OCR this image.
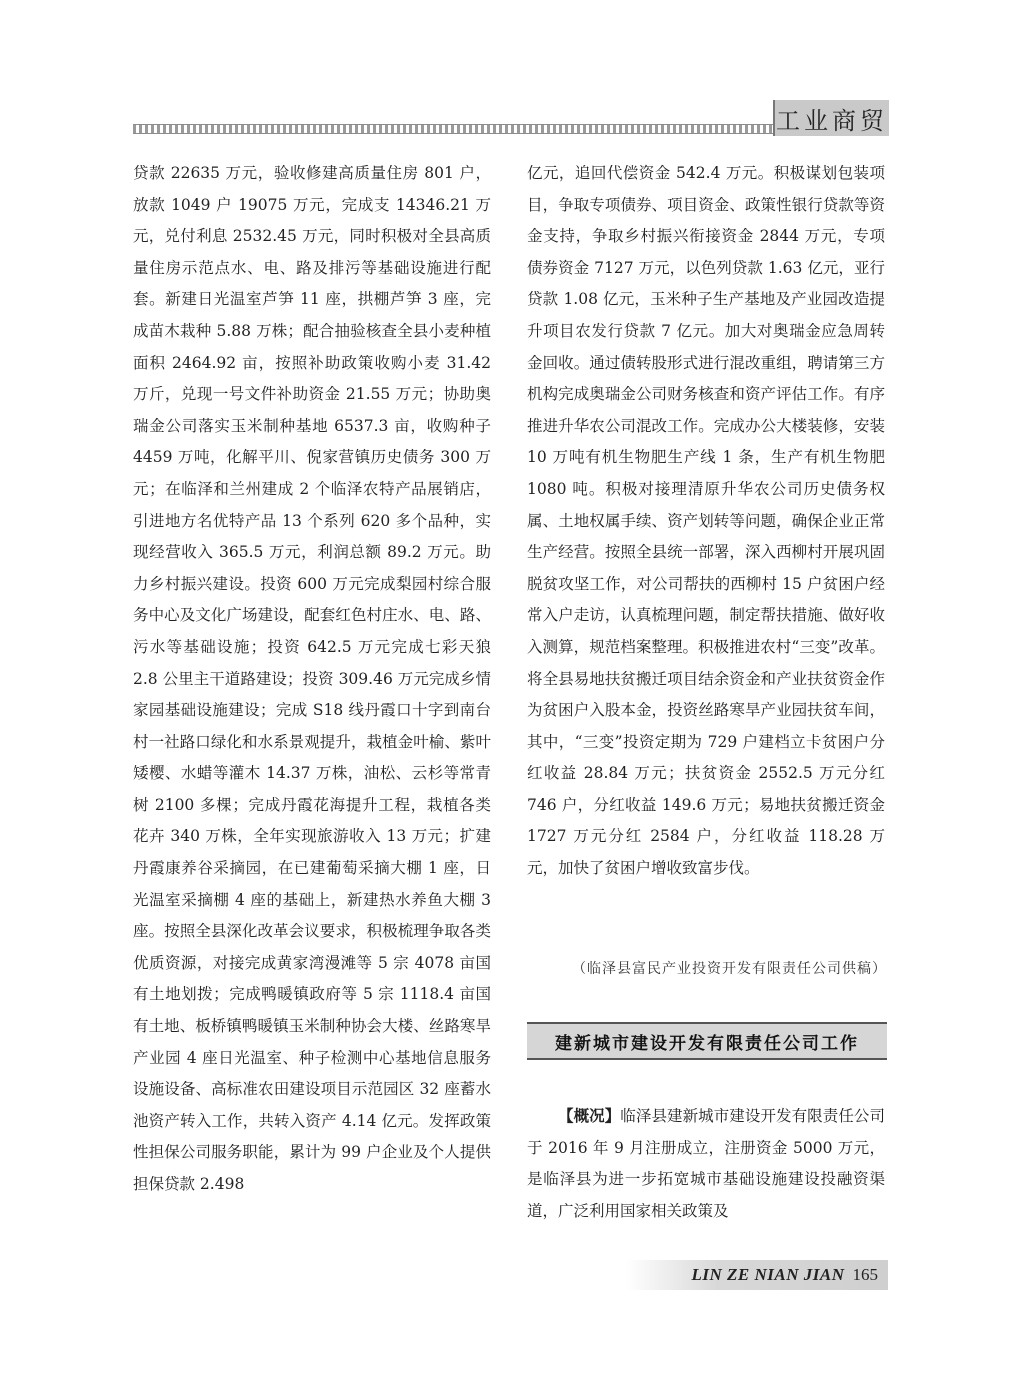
工业商贸

贷款 22635 万元，验收修建高质量住房 801 户，放款 1049 户 19075 万元，完成支 14346.21 万元，兑付利息 2532.45 万元，同时积极对全县高质量住房示范点水、电、路及排污等基础设施进行配套。新建日光温室芦笋 11 座，拱棚芦笋 3 座，完成苗木栽种 5.88 万株；配合抽验核查全县小麦种植面积 2464.92 亩，按照补助政策收购小麦 31.42 万斤，兑现一号文件补助资金 21.55 万元；协助奥瑞金公司落实玉米制种基地 6537.3 亩，收购种子 4459 万吨，化解平川、倪家营镇历史债务 300 万元；在临泽和兰州建成 2 个临泽农特产品展销店，引进地方名优特产品 13 个系列 620 多个品种，实现经营收入 365.5 万元，利润总额 89.2 万元。助力乡村振兴建设。投资 600 万元完成梨园村综合服务中心及文化广场建设，配套红色村庄水、电、路、污水等基础设施；投资 642.5 万元完成七彩天狼 2.8 公里主干道路建设；投资 309.46 万元完成乡情家园基础设施建设；完成 S18 线丹霞口十字到南台村一社路口绿化和水系景观提升，栽植金叶榆、紫叶矮樱、水蜡等灌木 14.37 万株，油松、云杉等常青树 2100 多棵；完成丹霞花海提升工程，栽植各类花卉 340 万株，全年实现旅游收入 13 万元；扩建丹霞康养谷采摘园，在已建葡萄采摘大棚 1 座，日光温室采摘棚 4 座的基础上，新建热水养鱼大棚 3 座。按照全县深化改革会议要求，积极梳理争取各类优质资源，对接完成黄家湾漫滩等 5 宗 4078 亩国有土地划拨；完成鸭暖镇政府等 5 宗 1118.4 亩国有土地、板桥镇鸭暖镇玉米制种协会大楼、丝路寒旱产业园 4 座日光温室、种子检测中心基地信息服务设施设备、高标准农田建设项目示范园区 32 座蓄水池资产转入工作，共转入资产 4.14 亿元。发挥政策性担保公司服务职能，累计为 99 户企业及个人提供担保贷款 2.498

亿元，追回代偿资金 542.4 万元。积极谋划包装项目，争取专项债券、项目资金、政策性银行贷款等资金支持，争取乡村振兴衔接资金 2844 万元，专项债券资金 7127 万元，以色列贷款 1.63 亿元，亚行贷款 1.08 亿元，玉米种子生产基地及产业园改造提升项目农发行贷款 7 亿元。加大对奥瑞金应急周转金回收。通过债转股形式进行混改重组，聘请第三方机构完成奥瑞金公司财务核查和资产评估工作。有序推进升华农公司混改工作。完成办公大楼装修，安装 10 万吨有机生物肥生产线 1 条，生产有机生物肥 1080 吨。积极对接理清原升华农公司历史债务权属、土地权属手续、资产划转等问题，确保企业正常生产经营。按照全县统一部署，深入西柳村开展巩固脱贫攻坚工作，对公司帮扶的西柳村 15 户贫困户经常入户走访，认真梳理问题，制定帮扶措施、做好收入测算，规范档案整理。积极推进农村“三变”改革。将全县易地扶贫搬迁项目结余资金和产业扶贫资金作为贫困户入股本金，投资丝路寒旱产业园扶贫车间，其中，“三变”投资定期为 729 户建档立卡贫困户分红收益 28.84 万元；扶贫资金 2552.5 万元分红 746 户，分红收益 149.6 万元；易地扶贫搬迁资金 1727 万元分红 2584 户，分红收益 118.28 万元，加快了贫困户增收致富步伐。

（临泽县富民产业投资开发有限责任公司供稿）
建新城市建设开发有限责任公司工作

【概况】临泽县建新城市建设开发有限责任公司于 2016 年 9 月注册成立，注册资金 5000 万元，是临泽县为进一步拓宽城市基础设施建设投融资渠道，广泛利用国家相关政策及

LIN ZE NIAN JIAN 165
